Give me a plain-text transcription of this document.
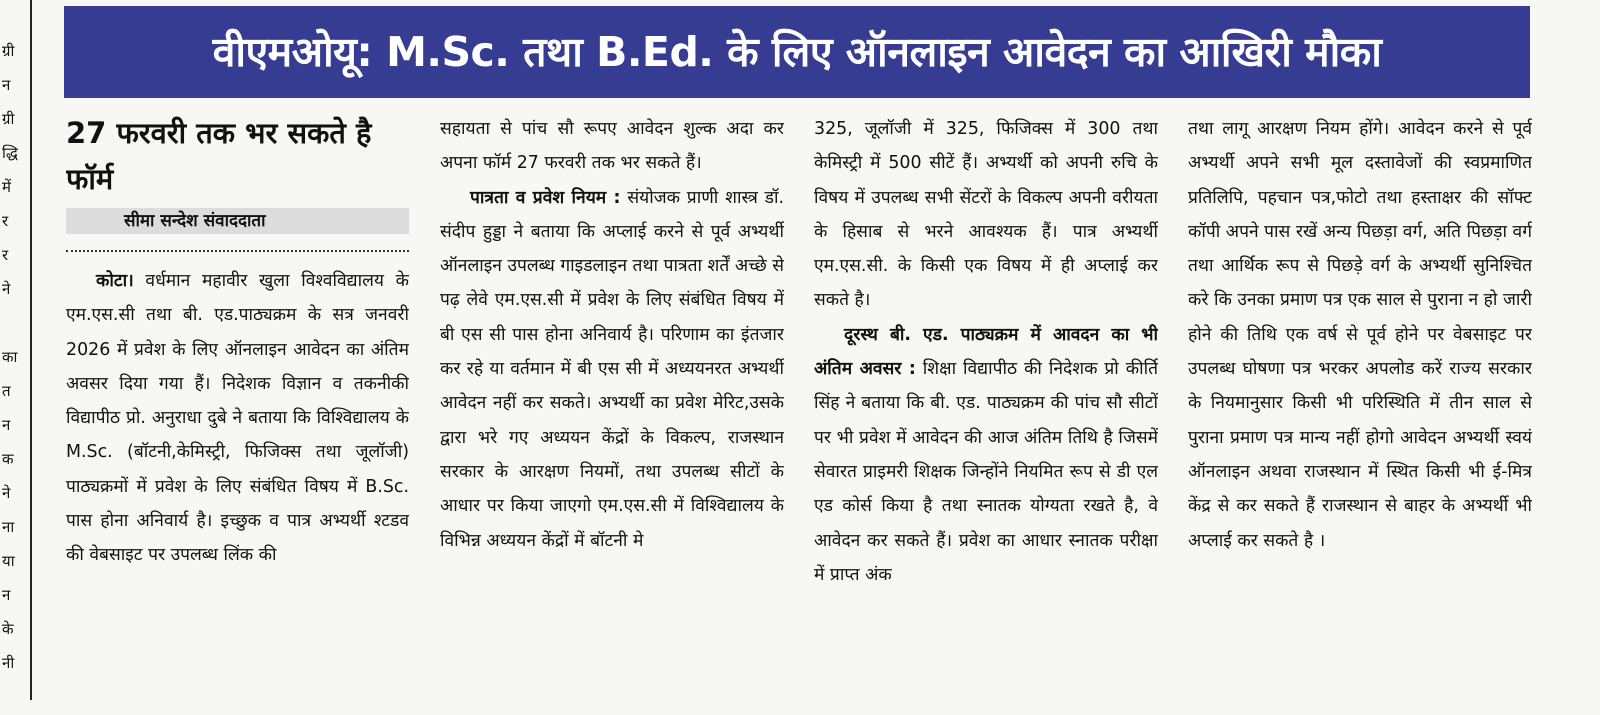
ग्री
न
ग्री
द्धि
में
र
र
ने
का
त
न
क
ने
ना
या
न
के
नी
वीएमओयू: M.Sc. तथा B.Ed. के लिए ऑनलाइन आवेदन का आखिरी मौका
27 फरवरी तक भर सकते है फॉर्म
सीमा सन्देश संवाददाता

कोटा। वर्धमान महावीर खुला विश्वविद्यालय के एम.एस.सी तथा बी. एड.पाठ्यक्रम के सत्र जनवरी 2026 में प्रवेश के लिए ऑनलाइन आवेदन का अंतिम अवसर दिया गया हैं। निदेशक विज्ञान व तकनीकी विद्यापीठ प्रो. अनुराधा दुबे ने बताया कि विश्विद्यालय के M.Sc. (बॉटनी,केमिस्ट्री, फिजिक्स तथा जूलॉजी) पाठ्यक्रमों में प्रवेश के लिए संबंधित विषय में B.Sc. पास होना अनिवार्य है। इच्छुक व पात्र अभ्यर्थी श्टडव की वेबसाइट पर उपलब्ध लिंक की

सहायता से पांच सौ रूपए आवेदन शुल्क अदा कर अपना फॉर्म 27 फरवरी तक भर सकते हैं।

पात्रता व प्रवेश नियम : संयोजक प्राणी शास्त्र डॉ. संदीप हुड्डा ने बताया कि अप्लाई करने से पूर्व अभ्यर्थी ऑनलाइन उपलब्ध गाइडलाइन तथा पात्रता शर्तें अच्छे से पढ़ लेवे एम.एस.सी में प्रवेश के लिए संबंधित विषय में बी एस सी पास होना अनिवार्य है। परिणाम का इंतजार कर रहे या वर्तमान में बी एस सी में अध्ययनरत अभ्यर्थी आवेदन नहीं कर सकते। अभ्यर्थी का प्रवेश मेरिट,उसके द्वारा भरे गए अध्ययन केंद्रों के विकल्प, राजस्थान सरकार के आरक्षण नियमों, तथा उपलब्ध सीटों के आधार पर किया जाएगो एम.एस.सी में विश्विद्यालय के विभिन्न अध्ययन केंद्रों में बॉटनी मे

325, जूलॉजी में 325, फिजिक्स में 300 तथा केमिस्ट्री में 500 सीटें हैं। अभ्यर्थी को अपनी रुचि के विषय में उपलब्ध सभी सेंटरों के विकल्प अपनी वरीयता के हिसाब से भरने आवश्यक हैं। पात्र अभ्यर्थी एम.एस.सी. के किसी एक विषय में ही अप्लाई कर सकते है।

दूरस्थ बी. एड. पाठ्यक्रम में आवदन का भी अंतिम अवसर : शिक्षा विद्यापीठ की निदेशक प्रो कीर्ति सिंह ने बताया कि बी. एड. पाठ्यक्रम की पांच सौ सीटों पर भी प्रवेश में आवेदन की आज अंतिम तिथि है जिसमें सेवारत प्राइमरी शिक्षक जिन्होंने नियमित रूप से डी एल एड कोर्स किया है तथा स्नातक योग्यता रखते है, वे आवेदन कर सकते हैं। प्रवेश का आधार स्नातक परीक्षा में प्राप्त अंक

तथा लागू आरक्षण नियम होंगे। आवेदन करने से पूर्व अभ्यर्थी अपने सभी मूल दस्तावेजों की स्वप्रमाणित प्रतिलिपि, पहचान पत्र,फोटो तथा हस्ताक्षर की सॉफ्ट कॉपी अपने पास रखें अन्य पिछड़ा वर्ग, अति पिछड़ा वर्ग तथा आर्थिक रूप से पिछड़े वर्ग के अभ्यर्थी सुनिश्चित करे कि उनका प्रमाण पत्र एक साल से पुराना न हो जारी होने की तिथि एक वर्ष से पूर्व होने पर वेबसाइट पर उपलब्ध घोषणा पत्र भरकर अपलोड करें राज्य सरकार के नियमानुसार किसी भी परिस्थिति में तीन साल से पुराना प्रमाण पत्र मान्य नहीं होगो आवेदन अभ्यर्थी स्वयं ऑनलाइन अथवा राजस्थान में स्थित किसी भी ई-मित्र केंद्र से कर सकते हैं राजस्थान से बाहर के अभ्यर्थी भी अप्लाई कर सकते है ।
